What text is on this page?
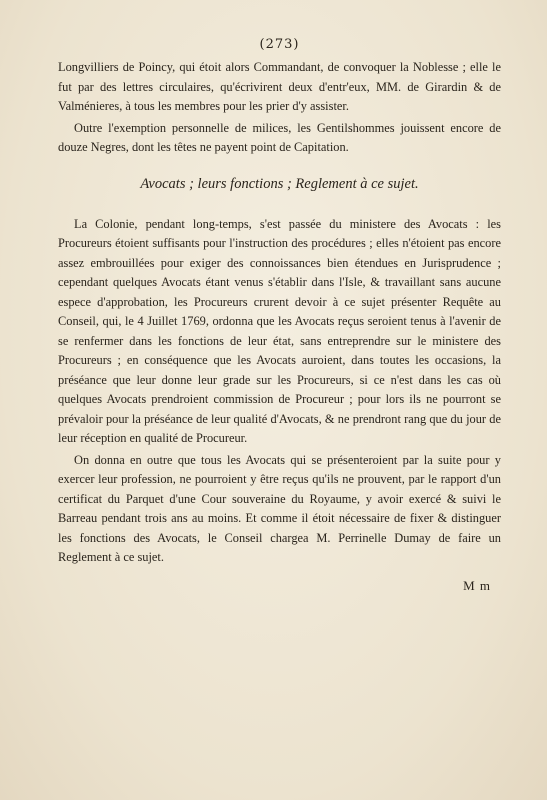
(273)

Longvilliers de Poincy, qui étoit alors Commandant, de convoquer la Noblesse ; elle le fut par des lettres circulaires, qu'écrivirent deux d'entr'eux, MM. de Girardin & de Valménieres, à tous les membres pour les prier d'y assister.

Outre l'exemption personnelle de milices, les Gentilshommes jouissent encore de douze Negres, dont les têtes ne payent point de Capitation.

Avocats ; leurs fonctions ; Reglement à ce sujet.

La Colonie, pendant long-temps, s'est passée du ministere des Avocats : les Procureurs étoient suffisants pour l'instruction des procédures ; elles n'étoient pas encore assez embrouillées pour exiger des connoissances bien étendues en Jurisprudence ; cependant quelques Avocats étant venus s'établir dans l'Isle, & travaillant sans aucune espece d'approbation, les Procureurs crurent devoir à ce sujet présenter Requête au Conseil, qui, le 4 Juillet 1769, ordonna que les Avocats reçus seroient tenus à l'avenir de se renfermer dans les fonctions de leur état, sans entreprendre sur le ministere des Procureurs ; en conséquence que les Avocats auroient, dans toutes les occasions, la préséance que leur donne leur grade sur les Procureurs, si ce n'est dans les cas où quelques Avocats prendroient commission de Procureur ; pour lors ils ne pourront se prévaloir pour la préséance de leur qualité d'Avocats, & ne prendront rang que du jour de leur réception en qualité de Procureur.

On donna en outre que tous les Avocats qui se présenteroient par la suite pour y exercer leur profession, ne pourroient y être reçus qu'ils ne prouvent, par le rapport d'un certificat du Parquet d'une Cour souveraine du Royaume, y avoir exercé & suivi le Barreau pendant trois ans au moins. Et comme il étoit nécessaire de fixer & distinguer les fonctions des Avocats, le Conseil chargea M. Perrinelle Dumay de faire un Reglement à ce sujet.

M m
